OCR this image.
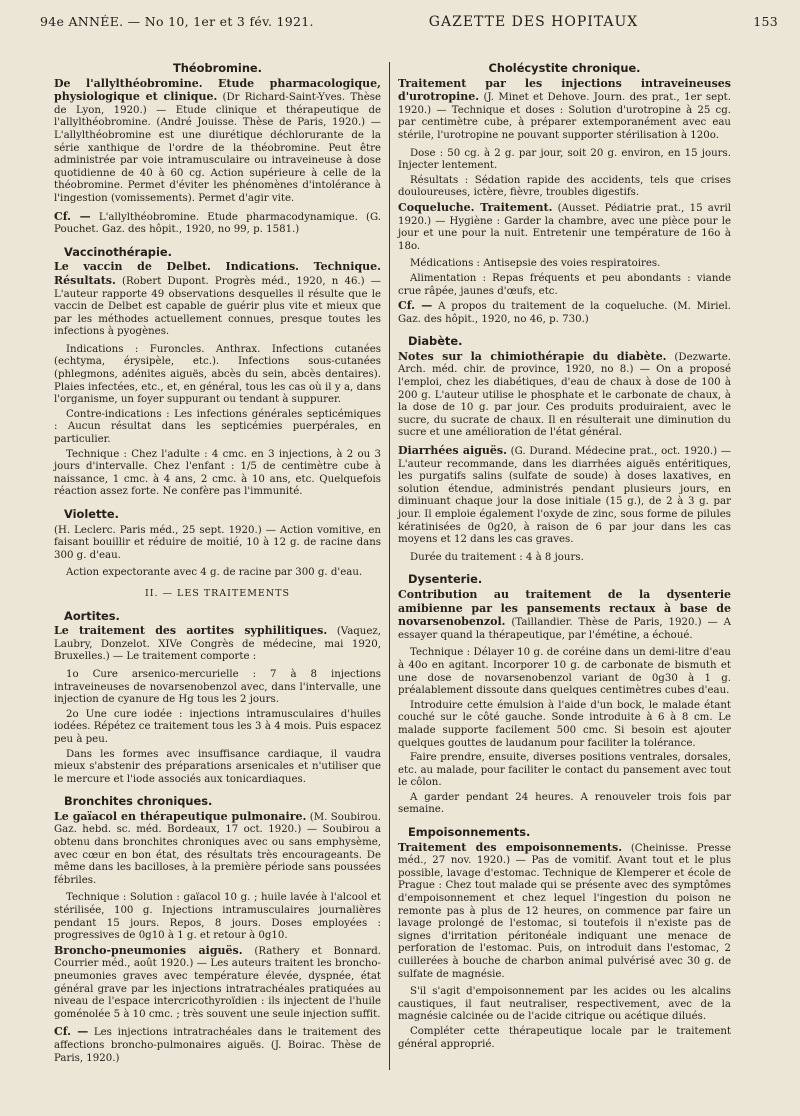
94e ANNÉE. — No 10, 1er et 3 fév. 1921.	GAZETTE DES HOPITAUX	153
Théobromine.

De l'allylthéobromine. Etude pharmacologique, physiologique et clinique. (Dr Richard-Saint-Yves. Thèse de Lyon, 1920.) — Etude clinique et thérapeutique de l'allylthéobromine. (André Jouisse. Thèse de Paris, 1920.) — L'allylthéobromine est une diurétique déchlorurante de la série xanthique de l'ordre de la théobromine. Peut être administrée par voie intramusculaire ou intraveineuse à dose quotidienne de 40 à 60 cg. Action supérieure à celle de la théobromine. Permet d'éviter les phénomènes d'intolérance à l'ingestion (vomissements). Permet d'agir vite.

Cf. — L'allylthéobromine. Etude pharmacodynamique. (G. Pouchet. Gaz. des hôpit., 1920, no 99, p. 1581.)

Vaccinothérapie.

Le vaccin de Delbet. Indications. Technique. Résultats. (Robert Dupont. Progrès méd., 1920, n 46.) — L'auteur rapporte 49 observations desquelles il résulte que le vaccin de Delbet est capable de guérir plus vite et mieux que par les méthodes actuellement connues, presque toutes les infections à pyogènes.

Indications : Furoncles. Anthrax. Infections cutanées (echtyma, érysipèle, etc.). Infections sous-cutanées (phlegmons, adénites aiguës, abcès du sein, abcès dentaires). Plaies infectées, etc., et, en général, tous les cas où il y a, dans l'organisme, un foyer suppurant ou tendant à suppurer.

Contre-indications : Les infections générales septicémiques : Aucun résultat dans les septicémies puerpérales, en particulier.

Technique : Chez l'adulte : 4 cmc. en 3 injections, à 2 ou 3 jours d'intervalle. Chez l'enfant : 1/5 de centimètre cube à naissance, 1 cmc. à 4 ans, 2 cmc. à 10 ans, etc. Quelquefois réaction assez forte. Ne confère pas l'immunité.

Violette.

(H. Leclerc. Paris méd., 25 sept. 1920.) — Action vomitive, en faisant bouillir et réduire de moitié, 10 à 12 g. de racine dans 300 g. d'eau.

Action expectorante avec 4 g. de racine par 300 g. d'eau.

II. — LES TRAITEMENTS
Aortites.

Le traitement des aortites syphilitiques. (Vaquez, Laubry, Donzelot. XIVe Congrès de médecine, mai 1920, Bruxelles.) — Le traitement comporte :

1o Cure arsenico-mercurielle : 7 à 8 injections intraveineuses de novarsenobenzol avec, dans l'intervalle, une injection de cyanure de Hg tous les 2 jours.

2o Une cure iodée : injections intramusculaires d'huiles iodées. Répétez ce traitement tous les 3 à 4 mois. Puis espacez peu à peu.

Dans les formes avec insuffisance cardiaque, il vaudra mieux s'abstenir des préparations arsenicales et n'utiliser que le mercure et l'iode associés aux tonicardiaques.

Bronchites chroniques.

Le gaïacol en thérapeutique pulmonaire. (M. Soubirou. Gaz. hebd. sc. méd. Bordeaux, 17 oct. 1920.) — Soubirou a obtenu dans bronchites chroniques avec ou sans emphysème, avec cœur en bon état, des résultats très encourageants. De même dans les bacilloses, à la première période sans poussées fébriles.

Technique : Solution : gaïacol 10 g. ; huile lavée à l'alcool et stérilisée, 100 g. Injections intramusculaires journalières pendant 15 jours. Repos, 8 jours. Doses employées : progressives de 0g10 à 1 g. et retour à 0g10.

Broncho-pneumonies aiguës. (Rathery et Bonnard. Courrier méd., août 1920.) — Les auteurs traitent les broncho-pneumonies graves avec température élevée, dyspnée, état général grave par les injections intratrachéales pratiquées au niveau de l'espace intercricothyroïdien : ils injectent de l'huile goménolée 5 à 10 cmc. ; très souvent une seule injection suffit.

Cf. — Les injections intratrachéales dans le traitement des affections broncho-pulmonaires aiguës. (J. Boirac. Thèse de Paris, 1920.)

Cholécystite chronique.

Traitement par les injections intraveineuses d'urotropine. (J. Minet et Dehove. Journ. des prat., 1er sept. 1920.) — Technique et doses : Solution d'urotropine à 25 cg. par centimètre cube, à préparer extemporanément avec eau stérile, l'urotropine ne pouvant supporter stérilisation à 120o.

Dose : 50 cg. à 2 g. par jour, soit 20 g. environ, en 15 jours. Injecter lentement.

Résultats : Sédation rapide des accidents, tels que crises douloureuses, ictère, fièvre, troubles digestifs.

Coqueluche. Traitement. (Ausset. Pédiatrie prat., 15 avril 1920.) — Hygiène : Garder la chambre, avec une pièce pour le jour et une pour la nuit. Entretenir une température de 16o à 18o.

Médications : Antisepsie des voies respiratoires.

Alimentation : Repas fréquents et peu abondants : viande crue râpée, jaunes d'œufs, etc.

Cf. — A propos du traitement de la coqueluche. (M. Miriel. Gaz. des hôpit., 1920, no 46, p. 730.)

Diabète.

Notes sur la chimiothérapie du diabète. (Dezwarte. Arch. méd. chir. de province, 1920, no 8.) — On a proposé l'emploi, chez les diabétiques, d'eau de chaux à dose de 100 à 200 g. L'auteur utilise le phosphate et le carbonate de chaux, à la dose de 10 g. par jour. Ces produits produiraient, avec le sucre, du sucrate de chaux. Il en résulterait une diminution du sucre et une amélioration de l'état général.

Diarrhées aiguës. (G. Durand. Médecine prat., oct. 1920.) — L'auteur recommande, dans les diarrhées aiguës entéritiques, les purgatifs salins (sulfate de soude) à doses laxatives, en solution étendue, administrés pendant plusieurs jours, en diminuant chaque jour la dose initiale (15 g.), de 2 à 3 g. par jour. Il emploie également l'oxyde de zinc, sous forme de pilules kératinisées de 0g20, à raison de 6 par jour dans les cas moyens et 12 dans les cas graves.

Durée du traitement : 4 à 8 jours.

Dysenterie.

Contribution au traitement de la dysenterie amibienne par les pansements rectaux à base de novarsenobenzol. (Taillandier. Thèse de Paris, 1920.) — A essayer quand la thérapeutique, par l'émétine, a échoué.

Technique : Délayer 10 g. de coréine dans un demi-litre d'eau à 40o en agitant. Incorporer 10 g. de carbonate de bismuth et une dose de novarsenobenzol variant de 0g30 à 1 g. préalablement dissoute dans quelques centimètres cubes d'eau.

Introduire cette émulsion à l'aide d'un bock, le malade étant couché sur le côté gauche. Sonde introduite à 6 à 8 cm. Le malade supporte facilement 500 cmc. Si besoin est ajouter quelques gouttes de laudanum pour faciliter la tolérance.

Faire prendre, ensuite, diverses positions ventrales, dorsales, etc. au malade, pour faciliter le contact du pansement avec tout le côlon.

A garder pendant 24 heures. A renouveler trois fois par semaine.

Empoisonnements.

Traitement des empoisonnements. (Cheinisse. Presse méd., 27 nov. 1920.) — Pas de vomitif. Avant tout et le plus possible, lavage d'estomac. Technique de Klemperer et école de Prague : Chez tout malade qui se présente avec des symptômes d'empoisonnement et chez lequel l'ingestion du poison ne remonte pas à plus de 12 heures, on commence par faire un lavage prolongé de l'estomac, si toutefois il n'existe pas de signes d'irritation péritonéale indiquant une menace de perforation de l'estomac. Puis, on introduit dans l'estomac, 2 cuillerées à bouche de charbon animal pulvérisé avec 30 g. de sulfate de magnésie.

S'il s'agit d'empoisonnement par les acides ou les alcalins caustiques, il faut neutraliser, respectivement, avec de la magnésie calcinée ou de l'acide citrique ou acétique dilués.

Compléter cette thérapeutique locale par le traitement général approprié.
